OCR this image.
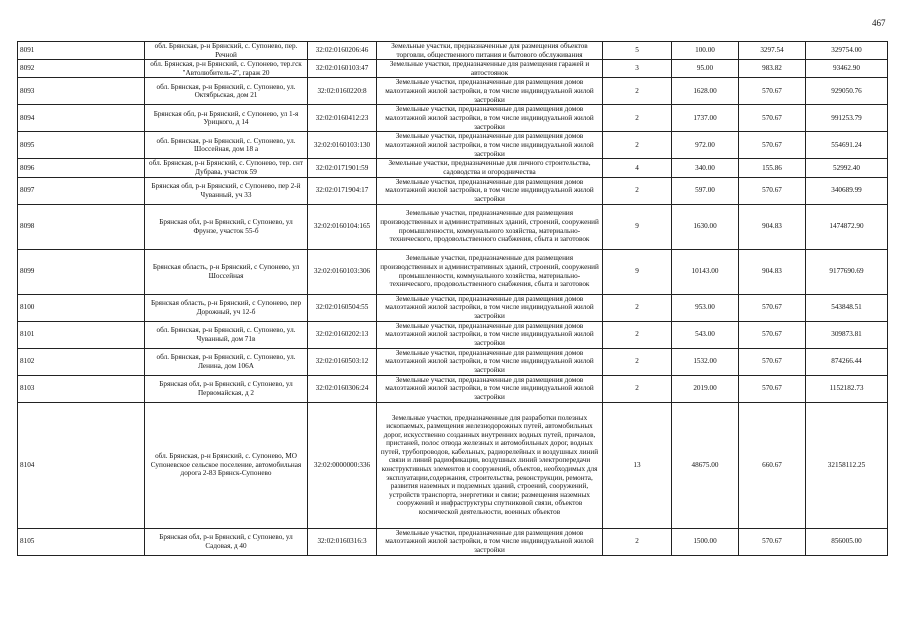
467
8091	обл. Брянская, р-н Брянский, с. Супонево, пер. Речной	32:02:0160206:46	Земельные участки, предназначенные для размещения объектов торговли, общественного питания и бытового обслуживания	5	100.00	3297.54	329754.00
8092	обл. Брянская, р-н Брянский, с. Супонево, тер.гск "Автолюбитель-2", гараж 20	32:02:0160103:47	Земельные участки, предназначенные для размещения гаражей и автостоянок	3	95.00	983.82	93462.90
8093	обл. Брянская, р-н Брянский, с. Супонево, ул. Октябрьская, дом 21	32:02:0160220:8	Земельные участки, предназначенные для размещения домов малоэтажной жилой застройки, в том числе индивидуальной жилой застройки	2	1628.00	570.67	929050.76
8094	Брянская обл, р-н Брянский, с Супонево, ул 1-я Урицкого, д 14	32:02:0160412:23	Земельные участки, предназначенные для размещения домов малоэтажной жилой застройки, в том числе индивидуальной жилой застройки	2	1737.00	570.67	991253.79
8095	обл. Брянская, р-н Брянский, с. Супонево, ул. Шоссейная, дом 18 а	32:02:0160103:130	Земельные участки, предназначенные для размещения домов малоэтажной жилой застройки, в том числе индивидуальной жилой застройки	2	972.00	570.67	554691.24
8096	обл. Брянская, р-н Брянский, с. Супонево, тер. снт Дубрава, участок 59	32:02:0171901:59	Земельные участки, предназначенные для личного строительства, садоводства и огородничества	4	340.00	155.86	52992.40
8097	Брянская обл, р-н Брянский, с Супонево, пер 2-й Чуванный, уч 33	32:02:0171904:17	Земельные участки, предназначенные для размещения домов малоэтажной жилой застройки, в том числе индивидуальной жилой застройки	2	597.00	570.67	340689.99
8098	Брянская обл, р-н Брянский, с Супонево, ул Фрунзе, участок 55-б	32:02:0160104:165	Земельные участки, предназначенные для размещения производственных и административных зданий, строений, сооружений промышленности, коммунального хозяйства, материально-технического, продовольственного снабжения, сбыта и заготовок	9	1630.00	904.83	1474872.90
8099	Брянская область, р-н Брянский, с Супонево, ул Шоссейная	32:02:0160103:306	Земельные участки, предназначенные для размещения производственных и административных зданий, строений, сооружений промышленности, коммунального хозяйства, материально-технического, продовольственного снабжения, сбыта и заготовок	9	10143.00	904.83	9177690.69
8100	Брянская область, р-н Брянский, с Супонево, пер Дорожный, уч 12-б	32:02:0160504:55	Земельные участки, предназначенные для размещения домов малоэтажной жилой застройки, в том числе индивидуальной жилой застройки	2	953.00	570.67	543848.51
8101	обл. Брянская, р-н Брянский, с. Супонево, ул. Чуванный, дом 71в	32:02:0160202:13	Земельные участки, предназначенные для размещения домов малоэтажной жилой застройки, в том числе индивидуальной жилой застройки	2	543.00	570.67	309873.81
8102	обл. Брянская, р-н Брянский, с. Супонево, ул. Ленина, дом 106А	32:02:0160503:12	Земельные участки, предназначенные для размещения домов малоэтажной жилой застройки, в том числе индивидуальной жилой застройки	2	1532.00	570.67	874266.44
8103	Брянская обл, р-н Брянский, с Супонево, ул Первомайская, д 2	32:02:0160306:24	Земельные участки, предназначенные для размещения домов малоэтажной жилой застройки, в том числе индивидуальной жилой застройки	2	2019.00	570.67	1152182.73
8104	обл. Брянская, р-н Брянский, с. Супонево, МО Супоневское сельское поселение, автомобильная дорога 2-83 Брянск-Супонево	32:02:0000000:336	Земельные участки, предназначенные для разработки полезных ископаемых, размещения железнодорожных путей, автомобильных дорог, искусственно созданных внутренних водных путей, причалов, пристаней, полос отвода железных и автомобильных дорог, водных путей, трубопроводов, кабельных, радиорелейных и воздушных линий связи и линий радиофикации, воздушных линий электропередачи конструктивных элементов и сооружений, объектов, необходимых для эксплуатации,содержания, строительства, реконструкции, ремонта, развития наземных и подземных зданий, строений, сооружений, устройств транспорта, энергетики и связи; размещения наземных сооружений и инфраструктуры спутниковой связи, объектов космической деятельности, военных объектов	13	48675.00	660.67	32158112.25
8105	Брянская обл, р-н Брянский, с Супонево, ул Садовая, д 40	32:02:0160316:3	Земельные участки, предназначенные для размещения домов малоэтажной жилой застройки, в том числе индивидуальной жилой застройки	2	1500.00	570.67	856005.00
